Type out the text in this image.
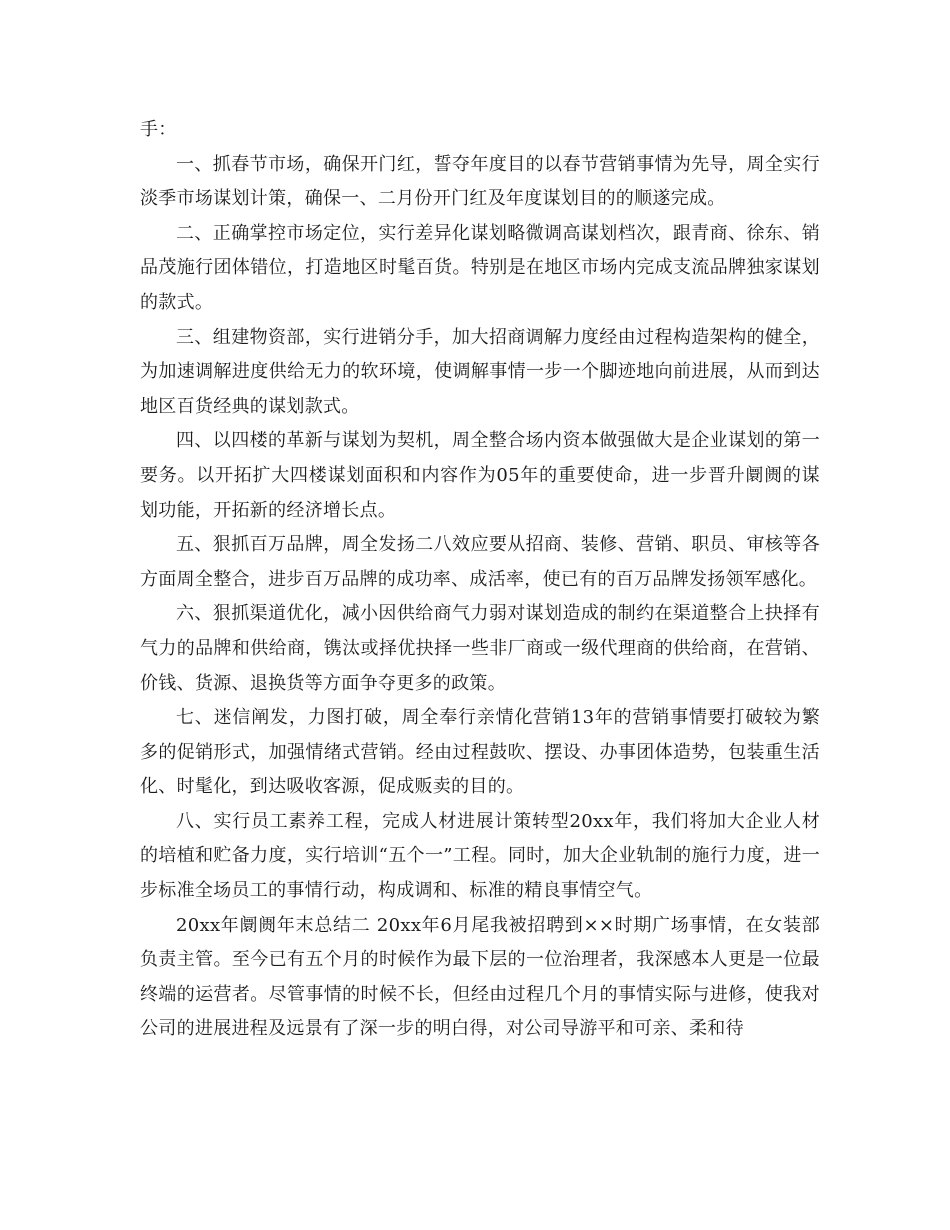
手：

一、抓春节市场，确保开门红，誓夺年度目的以春节营销事情为先导，周全实行淡季市场谋划计策，确保一、二月份开门红及年度谋划目的的顺遂完成。

二、正确掌控市场定位，实行差异化谋划略微调高谋划档次，跟青商、徐东、销品茂施行团体错位，打造地区时髦百货。特别是在地区市场内完成支流品牌独家谋划的款式。

三、组建物资部，实行进销分手，加大招商调解力度经由过程构造架构的健全，为加速调解进度供给无力的软环境，使调解事情一步一个脚迹地向前进展，从而到达地区百货经典的谋划款式。

四、以四楼的革新与谋划为契机，周全整合场内资本做强做大是企业谋划的第一要务。以开拓扩大四楼谋划面积和内容作为05年的重要使命，进一步晋升阛阓的谋划功能，开拓新的经济增长点。

五、狠抓百万品牌，周全发扬二八效应要从招商、装修、营销、职员、审核等各方面周全整合，进步百万品牌的成功率、成活率，使已有的百万品牌发扬领军感化。

六、狠抓渠道优化，减小因供给商气力弱对谋划造成的制约在渠道整合上抉择有气力的品牌和供给商，镌汰或择优抉择一些非厂商或一级代理商的供给商，在营销、价钱、货源、退换货等方面争夺更多的政策。

七、迷信阐发，力图打破，周全奉行亲情化营销13年的营销事情要打破较为繁多的促销形式，加强情绪式营销。经由过程鼓吹、摆设、办事团体造势，包装重生活化、时髦化，到达吸收客源，促成贩卖的目的。

八、实行员工素养工程，完成人材进展计策转型20xx年，我们将加大企业人材的培植和贮备力度，实行培训“五个一”工程。同时，加大企业轨制的施行力度，进一步标准全场员工的事情行动，构成调和、标准的精良事情空气。

20xx年阛阓年末总结二 20xx年6月尾我被招聘到××时期广场事情，在女装部负责主管。至今已有五个月的时候作为最下层的一位治理者，我深感本人更是一位最终端的运营者。尽管事情的时候不长，但经由过程几个月的事情实际与进修，使我对公司的进展进程及远景有了深一步的明白得，对公司导游平和可亲、柔和待
